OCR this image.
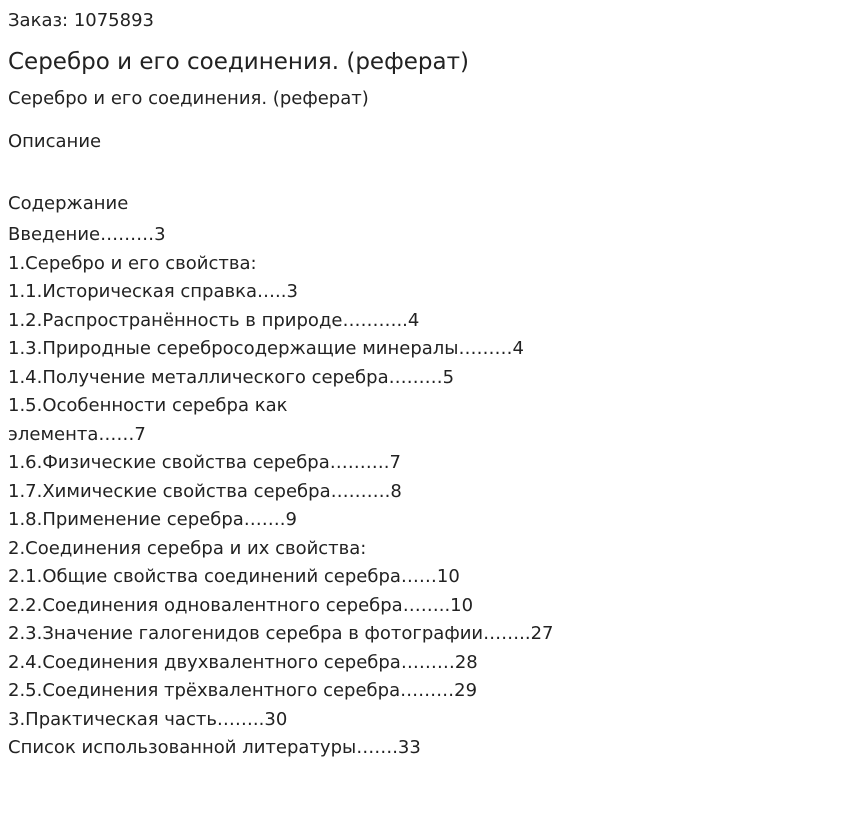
Заказ: 1075893

Серебро и его соединения. (реферат)

Серебро и его соединения. (реферат)

Описание
Содержание
Введение………3
1.Серебро и его свойства:
1.1.Историческая справка…..3
1.2.Распространённость в природе………..4
1.3.Природные серебросодержащие минералы………4
1.4.Получение металлического серебра………5
1.5.Особенности серебра как
элемента……7
1.6.Физические свойства серебра……….7
1.7.Химические свойства серебра……….8
1.8.Применение серебра…….9
2.Соединения серебра и их свойства:
2.1.Общие свойства соединений серебра……10
2.2.Соединения одновалентного серебра……..10
2.3.Значение галогенидов серебра в фотографии……..27
2.4.Соединения двухвалентного серебра………28
2.5.Соединения трёхвалентного серебра………29
3.Практическая часть……..30
Список использованной литературы…….33
